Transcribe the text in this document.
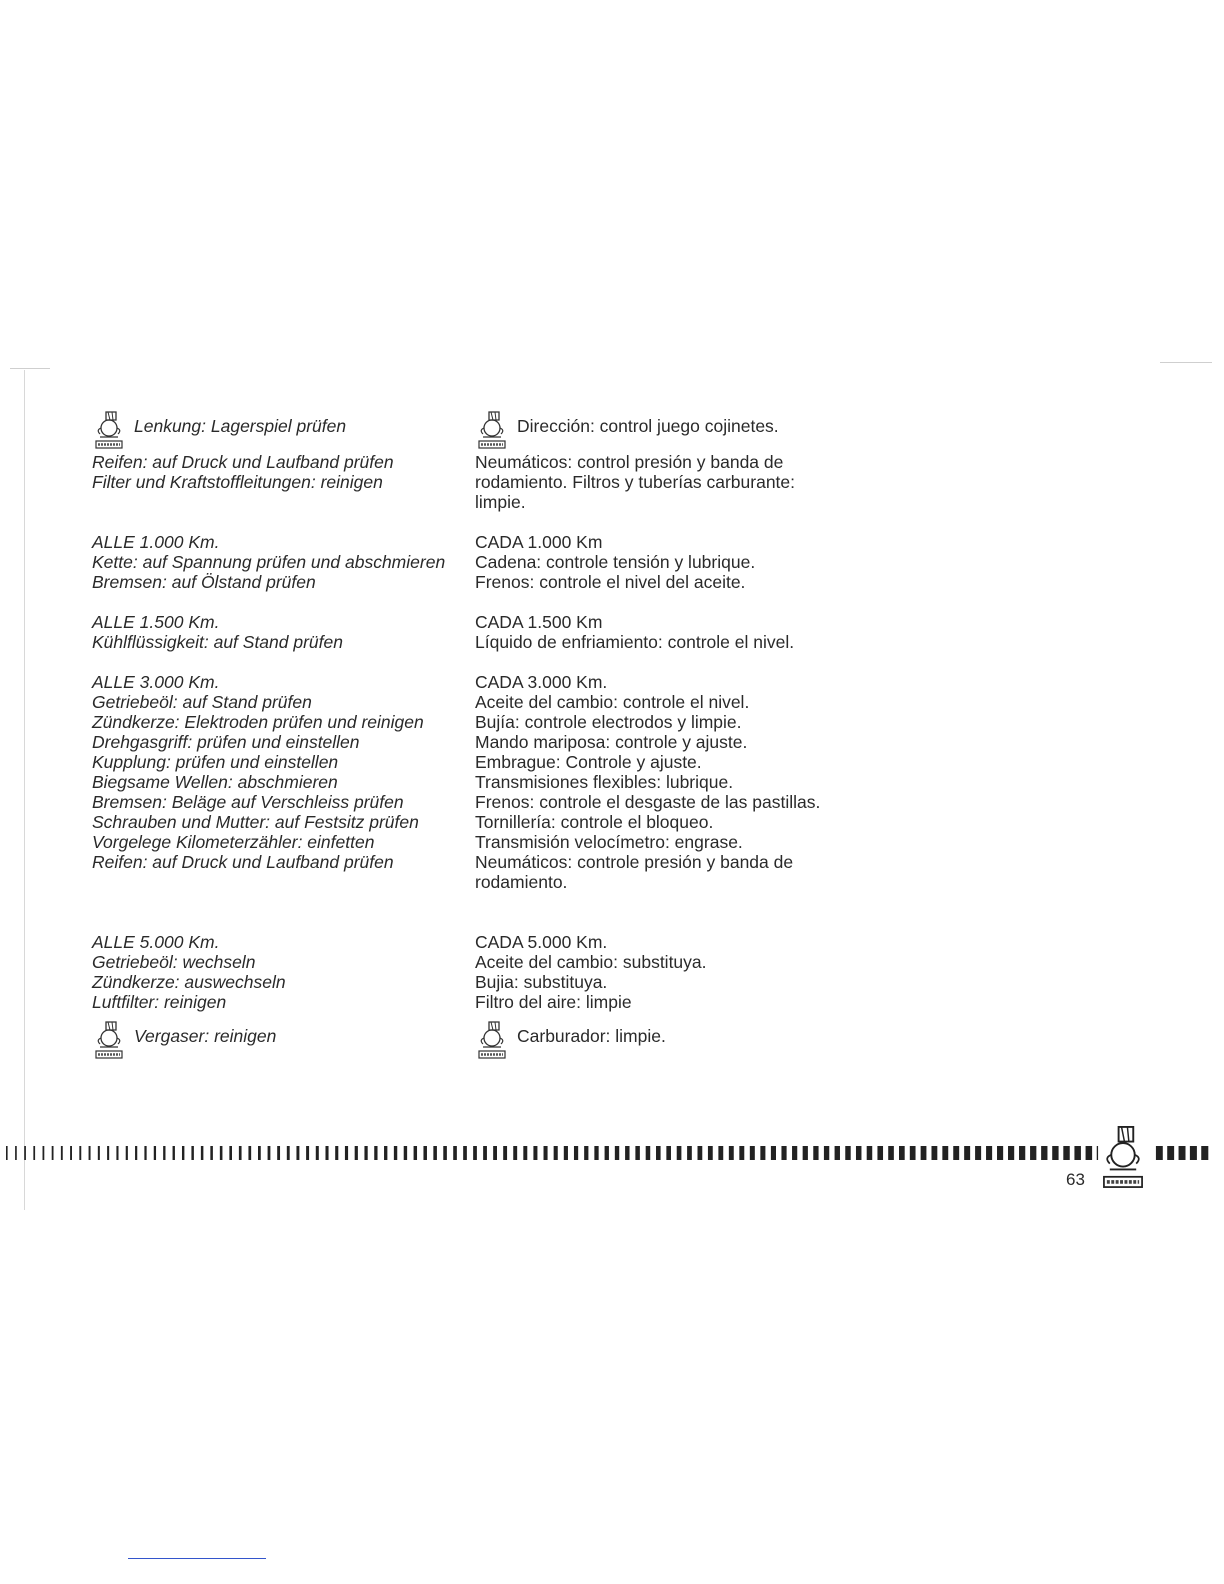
Lenkung: Lagerspiel prüfen
Reifen: auf Druck und Laufband prüfen
Filter und Kraftstoffleitungen: reinigen
ALLE 1.000 Km.
Kette: auf Spannung prüfen und abschmieren
Bremsen: auf Ölstand prüfen
ALLE 1.500 Km.
Kühlflüssigkeit: auf Stand prüfen
ALLE 3.000 Km.
Getriebeöl: auf Stand prüfen
Zündkerze: Elektroden prüfen und reinigen
Drehgasgriff: prüfen und einstellen
Kupplung: prüfen und einstellen
Biegsame Wellen: abschmieren
Bremsen: Beläge auf Verschleiss prüfen
Schrauben und Mutter: auf Festsitz prüfen
Vorgelege Kilometerzähler: einfetten
Reifen: auf Druck und Laufband prüfen
ALLE 5.000 Km.
Getriebeöl: wechseln
Zündkerze: auswechseln
Luftfilter: reinigen
Vergaser: reinigen
Dirección: control juego cojinetes.
Neumáticos: control presión y banda de
rodamiento. Filtros y tuberías carburante:
limpie.
CADA 1.000 Km
Cadena: controle tensión y lubrique.
Frenos: controle el nivel del aceite.
CADA 1.500 Km
Líquido de enfriamiento: controle el nivel.
CADA 3.000 Km.
Aceite del cambio: controle el nivel.
Bujía: controle electrodos y limpie.
Mando mariposa: controle y ajuste.
Embrague: Controle y ajuste.
Transmisiones flexibles: lubrique.
Frenos: controle el desgaste de las pastillas.
Tornillería: controle el bloqueo.
Transmisión velocímetro: engrase.
Neumáticos: controle presión y banda de
rodamiento.
CADA 5.000 Km.
Aceite del cambio: substituya.
Bujia: substituya.
Filtro del aire: limpie
Carburador: limpie.
63
